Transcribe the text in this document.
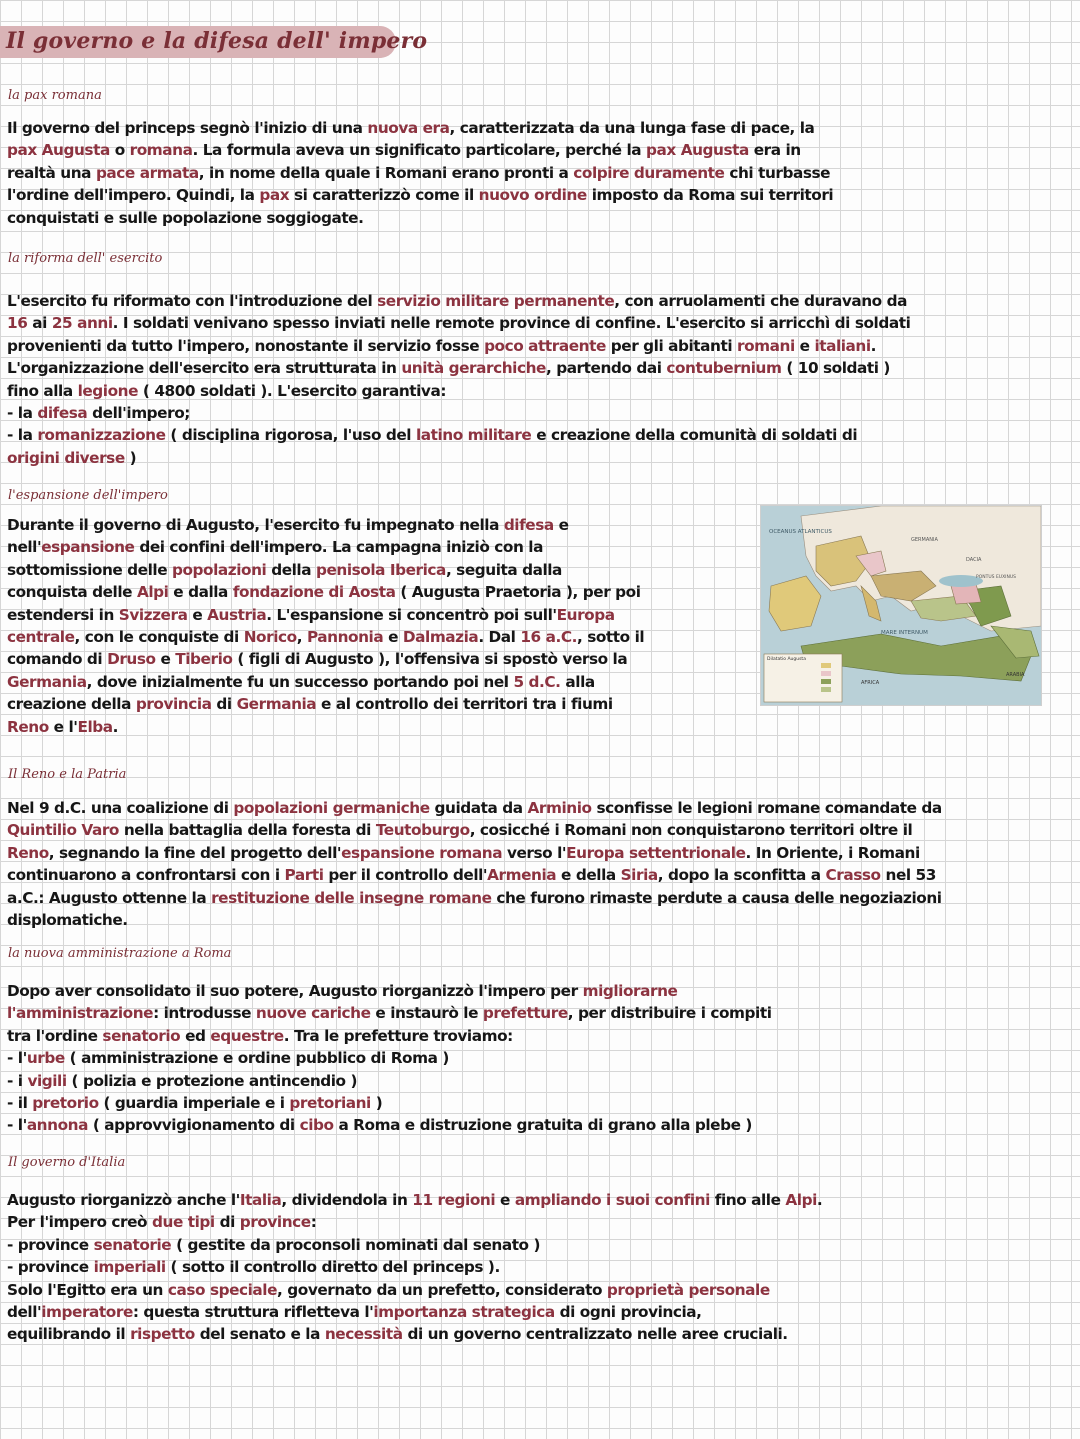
Il governo e la difesa dell' impero
la pax romana
Il governo del princeps segnò l'inizio di una nuova era, caratterizzata da una lunga fase di pace, la
pax Augusta o romana. La formula aveva un significato particolare, perché la pax Augusta era in
realtà una pace armata, in nome della quale i Romani erano pronti a colpire duramente chi turbasse
l'ordine dell'impero. Quindi, la pax si caratterizzò come il nuovo ordine imposto da Roma sui territori
conquistati e sulle popolazione soggiogate.
la riforma dell' esercito
L'esercito fu riformato con l'introduzione del servizio militare permanente, con arruolamenti che duravano da
16 ai 25 anni. I soldati venivano spesso inviati nelle remote province di confine. L'esercito si arricchì di soldati
provenienti da tutto l'impero, nonostante il servizio fosse poco attraente per gli abitanti romani e italiani.
L'organizzazione dell'esercito era strutturata in unità gerarchiche, partendo dai contubernium ( 10 soldati )
fino alla legione ( 4800 soldati ). L'esercito garantiva:
- la difesa dell'impero;
- la romanizzazione ( disciplina rigorosa, l'uso del latino militare e creazione della comunità di soldati di
origini diverse )
l'espansione dell'impero
Durante il governo di Augusto, l'esercito fu impegnato nella difesa e
nell'espansione dei confini dell'impero. La campagna iniziò con la
sottomissione delle popolazioni della penisola Iberica, seguita dalla
conquista delle Alpi e dalla fondazione di Aosta ( Augusta Praetoria ), per poi
estendersi in Svizzera e Austria. L'espansione si concentrò poi sull'Europa
centrale, con le conquiste di Norico, Pannonia e Dalmazia. Dal 16 a.C., sotto il
comando di Druso e Tiberio ( figli di Augusto ), l'offensiva si spostò verso la
Germania, dove inizialmente fu un successo portando poi nel 5 d.C. alla
creazione della provincia di Germania e al controllo dei territori tra i fiumi
Reno e l'Elba.
Il Reno e la Patria
Nel 9 d.C. una coalizione di popolazioni germaniche guidata da Arminio sconfisse le legioni romane comandate da
Quintilio Varo nella battaglia della foresta di Teutoburgo, cosicché i Romani non conquistarono territori oltre il
Reno, segnando la fine del progetto dell'espansione romana verso l'Europa settentrionale. In Oriente, i Romani
continuarono a confrontarsi con i Parti per il controllo dell'Armenia e della Siria, dopo la sconfitta a Crasso nel 53
a.C.: Augusto ottenne la restituzione delle insegne romane che furono rimaste perdute a causa delle negoziazioni
displomatiche.
la nuova amministrazione a Roma
Dopo aver consolidato il suo potere, Augusto riorganizzò l'impero per migliorarne
l'amministrazione: introdusse nuove cariche e instaurò le prefetture, per distribuire i compiti
tra l'ordine senatorio ed equestre. Tra le prefetture troviamo:
- l'urbe ( amministrazione e ordine pubblico di Roma )
- i vigili ( polizia e protezione antincendio )
- il pretorio ( guardia imperiale e i pretoriani )
- l'annona ( approvvigionamento di cibo a Roma e distruzione gratuita di grano alla plebe )
Il governo d'Italia
Augusto riorganizzò anche l'Italia, dividendola in 11 regioni e ampliando i suoi confini fino alle Alpi.
Per l'impero creò due tipi di province:
- province senatorie ( gestite da proconsoli nominati dal senato )
- province imperiali ( sotto il controllo diretto del princeps ).
Solo l'Egitto era un caso speciale, governato da un prefetto, considerato proprietà personale
dell'imperatore: questa struttura rifletteva l'importanza strategica di ogni provincia,
equilibrando il rispetto del senato e la necessità di un governo centralizzato nelle aree cruciali.
OCEANUS ATLANTICUS
MARE INTERNUM
Dilatatio Augusta
GERMANIA
DACIA
PONTUS EUXINUS
AFRICA
ARABIA
